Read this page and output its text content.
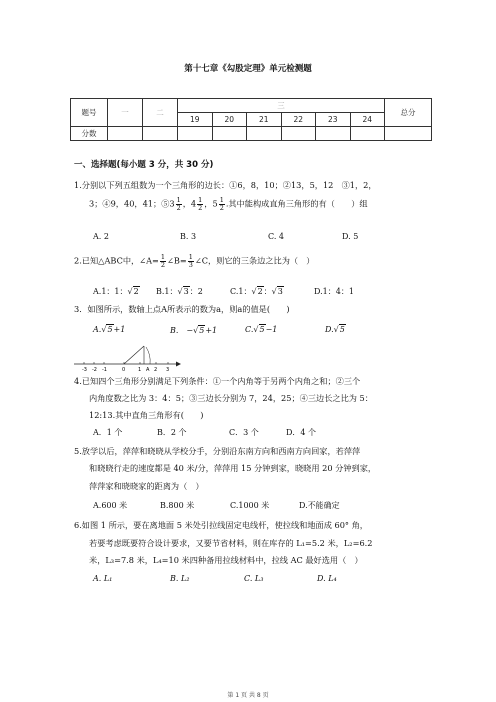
第十七章《勾股定理》单元检测题
题号	一	二	三						总分
			19	20	21	22	23	24	
分数									
一、选择题(每小题 3 分，共 30 分)
1.分别以下列五组数为一个三角形的边长：①6，8，10；②13，5，12　③1，2，
3；④9，40，41；⑤3 $\frac{1}{2}$ ，$4 \frac{1}{2}$ ，$5 \frac{1}{2}$ .其中能构成直角三角形的有（　　）组
A. 2	B. 3	C. 4	D. 5
2.已知△ABC中，∠A= $\frac{1}{2}$ ∠B= $\frac{1}{3}$ ∠C，则它的三条边之比为（　）
A.1：1：√2 B.1：√3：2	C.1：√2：√3	D.1：4：1
3．如图所示，数轴上点A所表示的数为a，则a的值是(　　)
A.√5+1	B.　−√5+1	C.√5−1	D.√5
-3 -2 -1	0	1 A 2 3
4.已知四个三角形分别满足下列条件：①一个内角等于另两个内角之和；②三个
内角度数之比为 3：4：5；③三边长分别为 7，24，25；④三边长之比为 5：
12:13.其中直角三角形有(　　)
A．1 个	B．2 个	C．3 个	D．4 个
5.放学以后，萍萍和晓晓从学校分手，分别沿东南方向和西南方向回家，若萍萍
和晓晓行走的速度都是 40 米/分，萍萍用 15 分钟到家，晓晓用 20 分钟到家，
萍萍家和晓晓家的距离为（　）
A.600 米	B.800 米	C.1000 米	D.不能确定
6.如图 1 所示，要在离地面 5 米处引拉线固定电线杆，使拉线和地面成 60° 角，
若要考虑既要符合设计要求，又要节省材料，则在库存的 L₁=5.2 米，L₂=6.2
米，L₃=7.8 米，L₄=10 米四种备用拉线材料中，拉线 AC 最好选用（　）
A. L₁	B. L₂	C. L₃	D. L₄
第 1 页 共 8 页
